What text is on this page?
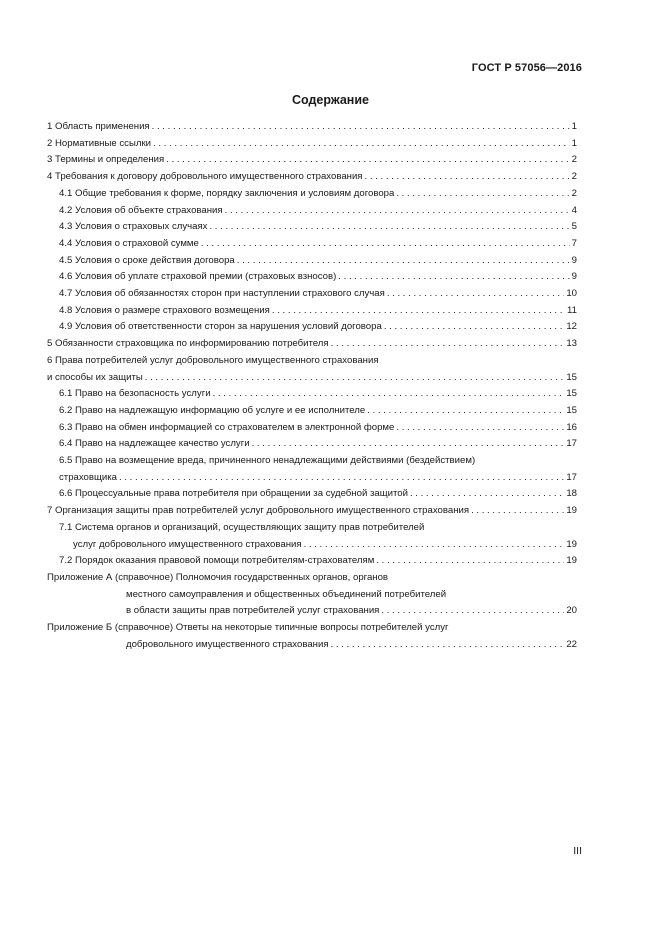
ГОСТ Р 57056—2016
Содержание
1 Область применения . . .	1
2 Нормативные ссылки . . .	1
3 Термины и определения . . .	2
4 Требования к договору добровольного имущественного страхования . . .	2
4.1 Общие требования к форме, порядку заключения и условиям договора . . .	2
4.2 Условия об объекте страхования . . .	4
4.3 Условия о страховых случаях . . .	5
4.4 Условия о страховой сумме . . .	7
4.5 Условия о сроке действия договора . . .	9
4.6 Условия об уплате страховой премии (страховых взносов) . . .	9
4.7 Условия об обязанностях сторон при наступлении страхового случая . . .	10
4.8 Условия о размере страхового возмещения . . .	11
4.9 Условия об ответственности сторон за нарушения условий договора . . .	12
5 Обязанности страховщика по информированию потребителя . . .	13
6 Права потребителей услуг добровольного имущественного страхования
и способы их защиты . . .	15
6.1 Право на безопасность услуги . . .	15
6.2 Право на надлежащую информацию об услуге и ее исполнителе . . .	15
6.3 Право на обмен информацией со страхователем в электронной форме . . .	16
6.4 Право на надлежащее качество услуги . . .	17
6.5 Право на возмещение вреда, причиненного ненадлежащими действиями (бездействием)
страховщика . . .	17
6.6 Процессуальные права потребителя при обращении за судебной защитой . . .	18
7 Организация защиты прав потребителей услуг добровольного имущественного страхования . . .	19
7.1 Система органов и организаций, осуществляющих защиту прав потребителей
услуг добровольного имущественного страхования . . .	19
7.2 Порядок оказания правовой помощи потребителям-страхователям . . .	19
Приложение А (справочное) Полномочия государственных органов, органов
местного самоуправления и общественных объединений потребителей
в области защиты прав потребителей услуг страхования . . .	20
Приложение Б (справочное) Ответы на некоторые типичные вопросы потребителей услуг
добровольного имущественного страхования . . .	22
III
